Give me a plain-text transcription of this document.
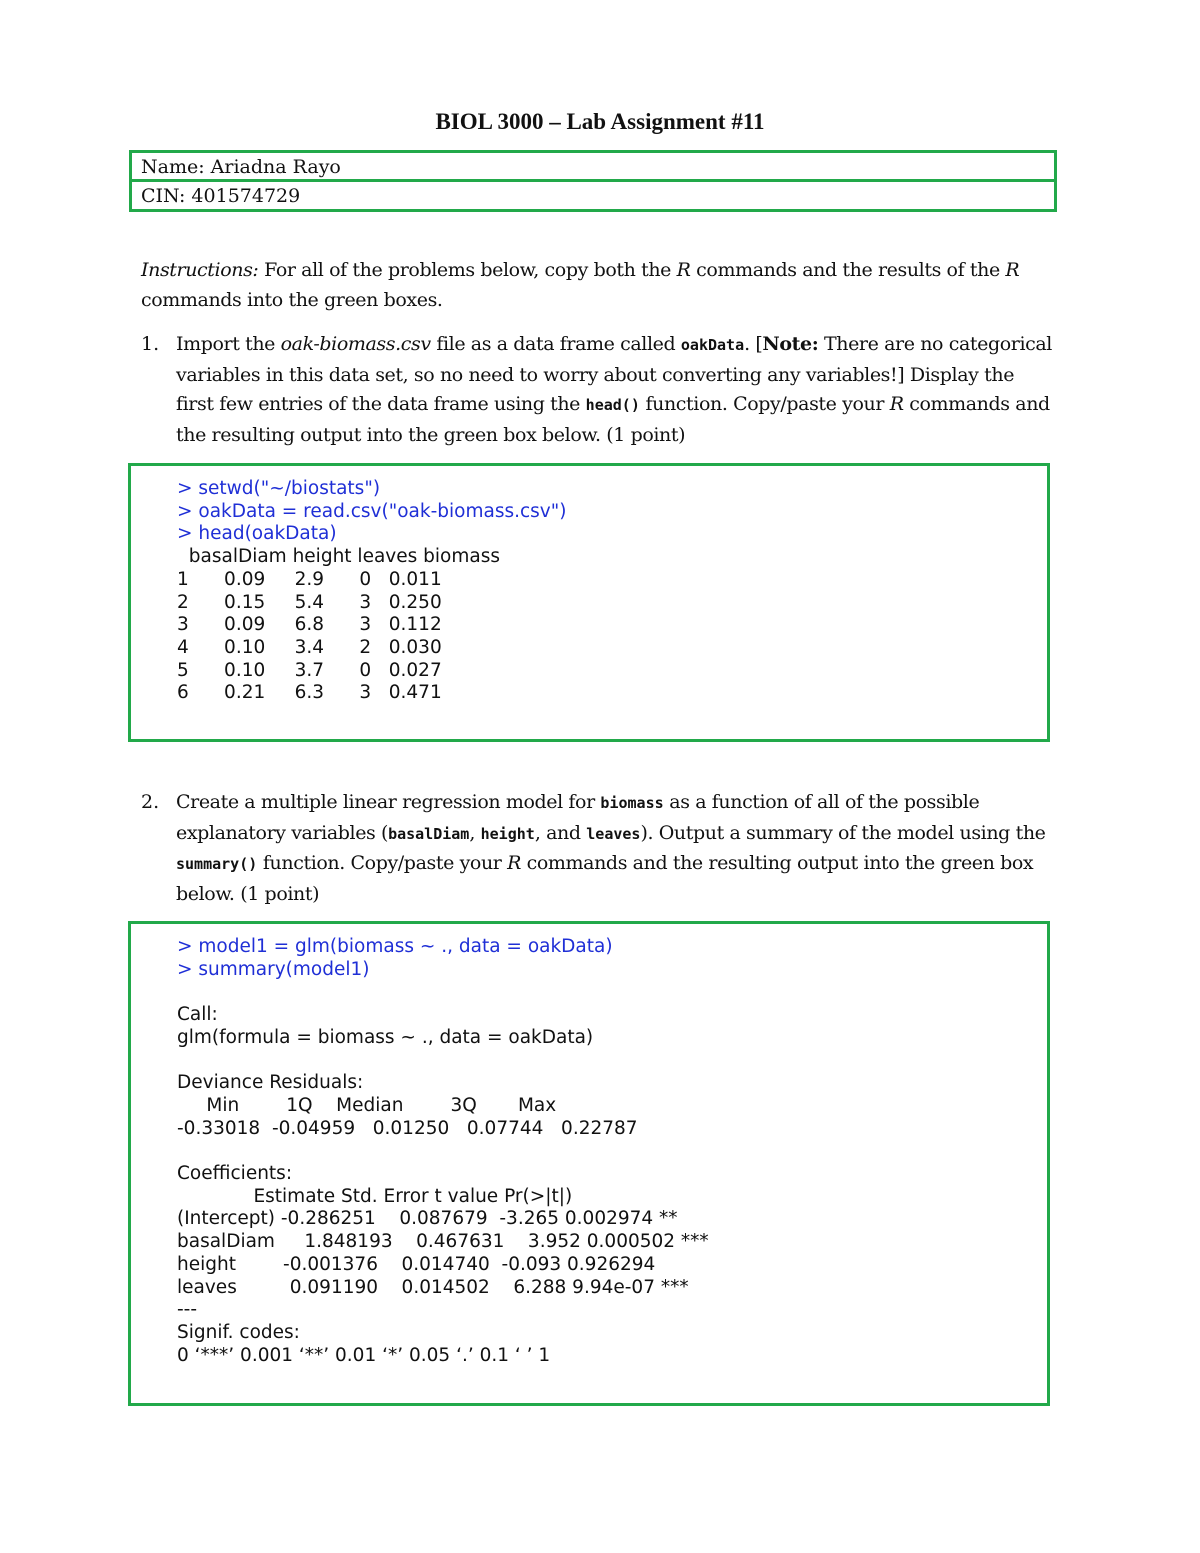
BIOL 3000 – Lab Assignment #11
Name: Ariadna Rayo
CIN: 401574729
Instructions: For all of the problems below, copy both the R commands and the results of the R commands into the green boxes.
1. Import the oak-biomass.csv file as a data frame called oakData. [Note: There are no categorical variables in this data set, so no need to worry about converting any variables!] Display the first few entries of the data frame using the head() function. Copy/paste your R commands and the resulting output into the green box below. (1 point)
> setwd("~/biostats")
> oakData = read.csv("oak-biomass.csv")
> head(oakData)
basalDiam height leaves biomass
1      0.09     2.9      0   0.011
2      0.15     5.4      3   0.250
3      0.09     6.8      3   0.112
4      0.10     3.4      2   0.030
5      0.10     3.7      0   0.027
6      0.21     6.3      3   0.471
2. Create a multiple linear regression model for biomass as a function of all of the possible explanatory variables (basalDiam, height, and leaves). Output a summary of the model using the summary() function. Copy/paste your R commands and the resulting output into the green box below. (1 point)
> model1 = glm(biomass ~ ., data = oakData)
> summary(model1)
Call:
glm(formula = biomass ~ ., data = oakData)
Deviance Residuals:
Min        1Q    Median        3Q       Max
-0.33018  -0.04959   0.01250   0.07744   0.22787
Coefficients:
Estimate Std. Error t value Pr(>|t|)
(Intercept) -0.286251    0.087679  -3.265 0.002974 **
basalDiam     1.848193    0.467631    3.952 0.000502 ***
height        -0.001376    0.014740  -0.093 0.926294
leaves         0.091190    0.014502    6.288 9.94e-07 ***
---
Signif. codes:
0 ‘***’ 0.001 ‘**’ 0.01 ‘*’ 0.05 ‘.’ 0.1 ‘ ’ 1
